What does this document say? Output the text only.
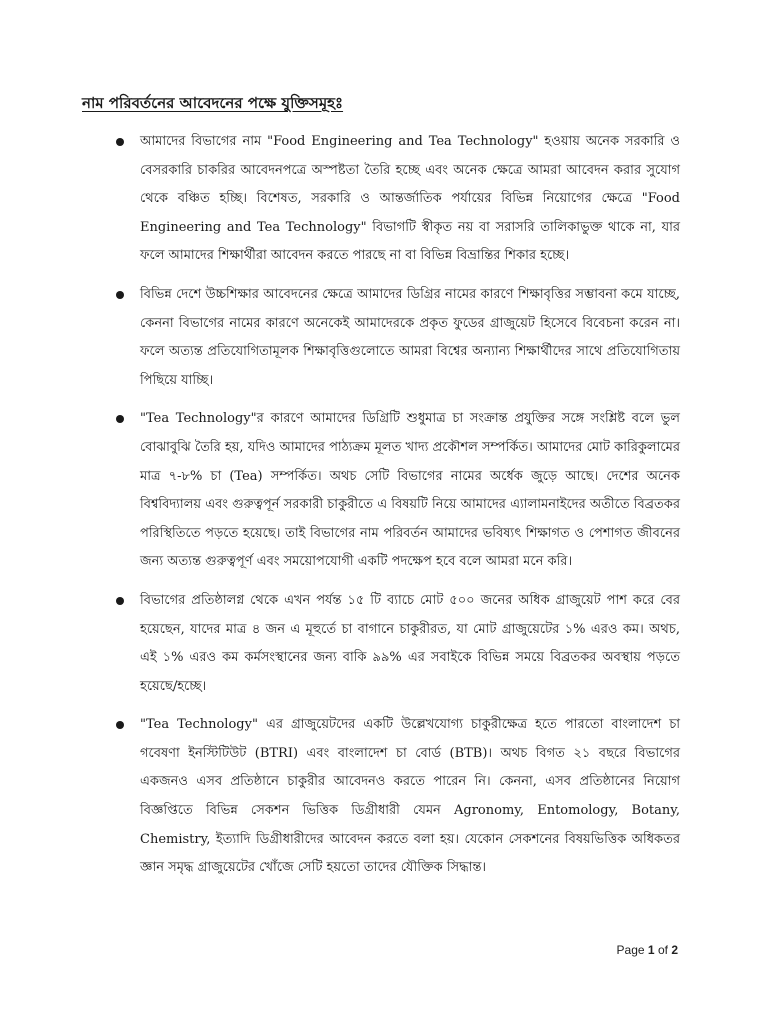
নাম পরিবর্তনের আবেদনের পক্ষে যুক্তিসমূহঃ
আমাদের বিভাগের নাম "Food Engineering and Tea Technology" হওয়ায় অনেক সরকারি ও বেসরকারি চাকরির আবেদনপত্রে অস্পষ্টতা তৈরি হচ্ছে এবং অনেক ক্ষেত্রে আমরা আবেদন করার সুযোগ থেকে বঞ্চিত হচ্ছি। বিশেষত, সরকারি ও আন্তর্জাতিক পর্যায়ের বিভিন্ন নিয়োগের ক্ষেত্রে "Food Engineering and Tea Technology" বিভাগটি স্বীকৃত নয় বা সরাসরি তালিকাভুক্ত থাকে না, যার ফলে আমাদের শিক্ষার্থীরা আবেদন করতে পারছে না বা বিভিন্ন বিভ্রান্তির শিকার হচ্ছে।
বিভিন্ন দেশে উচ্চশিক্ষার আবেদনের ক্ষেত্রে আমাদের ডিগ্রির নামের কারণে শিক্ষাবৃত্তির সম্ভাবনা কমে যাচ্ছে, কেননা বিভাগের নামের কারণে অনেকেই আমাদেরকে প্রকৃত ফুডের গ্রাজুয়েট হিসেবে বিবেচনা করেন না। ফলে অত্যন্ত প্রতিযোগিতামূলক শিক্ষাবৃত্তিগুলোতে আমরা বিশ্বের অন্যান্য শিক্ষার্থীদের সাথে প্রতিযোগিতায় পিছিয়ে যাচ্ছি।
"Tea Technology"র কারণে আমাদের ডিগ্রিটি শুধুমাত্র চা সংক্রান্ত প্রযুক্তির সঙ্গে সংশ্লিষ্ট বলে ভুল বোঝাবুঝি তৈরি হয়, যদিও আমাদের পাঠ্যক্রম মূলত খাদ্য প্রকৌশল সম্পর্কিত। আমাদের মোট কারিকুলামের মাত্র ৭-৮% চা (Tea) সম্পর্কিত। অথচ সেটি বিভাগের নামের অর্ধেক জুড়ে আছে। দেশের অনেক বিশ্ববিদ্যালয় এবং গুরুত্বপূর্ন সরকারী চাকুরীতে এ বিষয়টি নিয়ে আমাদের এ্যালামনাইদের অতীতে বিব্রতকর পরিস্থিতিতে পড়তে হয়েছে। তাই বিভাগের নাম পরিবর্তন আমাদের ভবিষ্যৎ শিক্ষাগত ও পেশাগত জীবনের জন্য অত্যন্ত গুরুত্বপূর্ণ এবং সময়োপযোগী একটি পদক্ষেপ হবে বলে আমরা মনে করি।
বিভাগের প্রতিষ্ঠালগ্ন থেকে এখন পর্যন্ত ১৫ টি ব্যাচে মোট ৫০০ জনের অধিক গ্রাজুয়েট পাশ করে বের হয়েছেন, যাদের মাত্র ৪ জন এ মূহুর্তে চা বাগানে চাকুরীরত, যা মোট গ্রাজুয়েটের ১% এরও কম। অথচ, এই ১% এরও কম কর্মসংস্থানের জন্য বাকি ৯৯% এর সবাইকে বিভিন্ন সময়ে বিব্রতকর অবস্থায় পড়তে হয়েছে/হচ্ছে।
"Tea Technology" এর গ্রাজুয়েটদের একটি উল্লেখযোগ্য চাকুরীক্ষেত্র হতে পারতো বাংলাদেশ চা গবেষণা ইনস্টিটিউট (BTRI) এবং বাংলাদেশ চা বোর্ড (BTB)। অথচ বিগত ২১ বছরে বিভাগের একজনও এসব প্রতিষ্ঠানে চাকুরীর আবেদনও করতে পারেন নি। কেননা, এসব প্রতিষ্ঠানের নিয়োগ বিজ্ঞপ্তিতে বিভিন্ন সেকশন ভিত্তিক ডিগ্রীধারী যেমন Agronomy, Entomology, Botany, Chemistry, ইত্যাদি ডিগ্রীধারীদের আবেদন করতে বলা হয়। যেকোন সেকশনের বিষয়ভিত্তিক অধিকতর জ্ঞান সমৃদ্ধ গ্রাজুয়েটের খোঁজে সেটি হয়তো তাদের যৌক্তিক সিদ্ধান্ত।
Page 1 of 2
